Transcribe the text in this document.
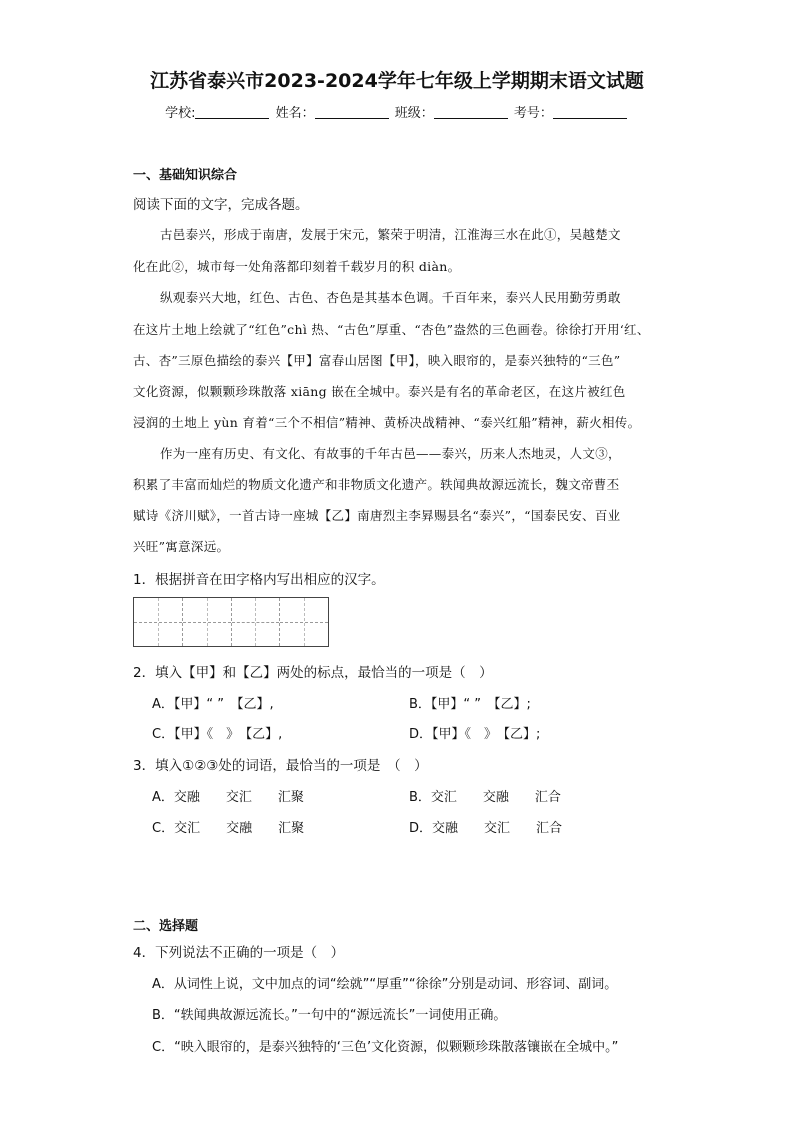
江苏省泰兴市2023-2024学年七年级上学期期末语文试题
学校:	姓名：	班级：	考号：
一、基础知识综合
阅读下面的文字，完成各题。
古邑泰兴，形成于南唐，发展于宋元，繁荣于明清，江淮海三水在此①，吴越楚文
化在此②，城市每一处角落都印刻着千载岁月的积 diàn。
纵观泰兴大地，红色、古色、杏色是其基本色调。千百年来，泰兴人民用勤劳勇敢
在这片土地上绘就了“红色”chì 热、“古色”厚重、“杏色”盎然的三色画卷。徐徐打开用‘红、
古、杏”三原色描绘的泰兴【甲】富春山居图【甲】，映入眼帘的，是泰兴独特的“三色”
文化资源，似颗颗珍珠散落 xiāng 嵌在全城中。泰兴是有名的革命老区，在这片被红色
浸润的土地上 yùn 育着“三个不相信”精神、黄桥决战精神、“泰兴红船”精神，薪火相传。
作为一座有历史、有文化、有故事的千年古邑——泰兴，历来人杰地灵，人文③，
积累了丰富而灿烂的物质文化遗产和非物质文化遗产。轶闻典故源远流长，魏文帝曹丕
赋诗《济川赋》，一首古诗一座城【乙】南唐烈主李昪赐县名“泰兴”，“国泰民安、百业
兴旺”寓意深远。
1．根据拼音在田字格内写出相应的汉字。
2．填入【甲】和【乙】两处的标点，最恰当的一项是（　）
A．【甲】“ ”　【乙】,	B．【甲】“ ”　【乙】;
C．【甲】《　》　【乙】,	D．【甲】《　》　【乙】;
3．填入①②③处的词语，最恰当的一项是　（　）
A．交融　　交汇　　汇聚	B．交汇　　交融　　汇合
C．交汇　　交融　　汇聚	D．交融　　交汇　　汇合
二、选择题
4．下列说法不正确的一项是（　）
A．从词性上说，文中加点的词“绘就”“厚重”“徐徐”分别是动词、形容词、副词。
B．“轶闻典故源远流长。”一句中的“源远流长”一词使用正确。
C．“映入眼帘的，是泰兴独特的‘三色’文化资源，似颗颗珍珠散落镶嵌在全城中。”
